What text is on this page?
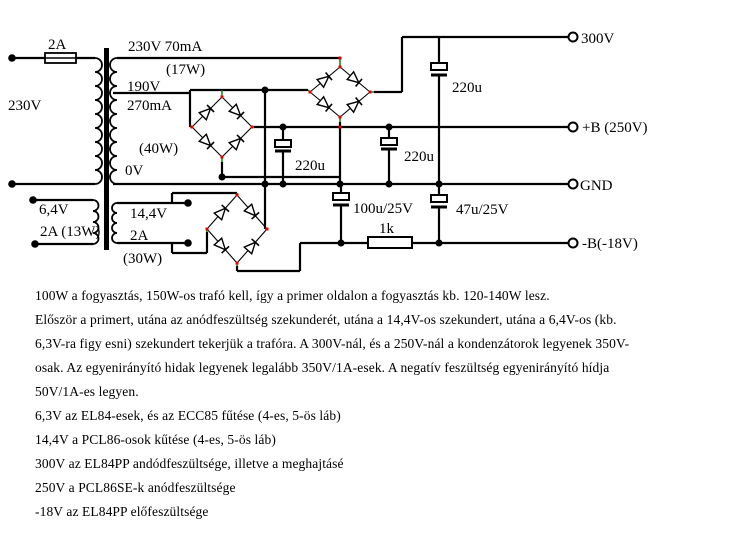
2A
230V
6,4V
2A (13W)
230V 70mA
(17W)
190V
270mA
(40W)
0V
14,4V
2A
(30W)
220u
220u
220u
100u/25V	47u/25V
1k
300V
+B (250V)
GND
-B(-18V)

100W a fogyasztás, 150W-os trafó kell, így a primer oldalon a fogyasztás kb. 120-140W lesz.

Először a primert, utána az anódfeszültség szekunderét, utána a 14,4V-os szekundert, utána a 6,4V-os (kb.

6,3V-ra figy esni) szekundert tekerjük a trafóra. A 300V-nál, és a 250V-nál a kondenzátorok legyenek 350V-

osak. Az egyenirányító hidak legyenek legalább 350V/1A-esek. A negatív feszültség egyenirányító hídja

50V/1A-es legyen.

6,3V az EL84-esek, és az ECC85 fűtése (4-es, 5-ös láb)

14,4V a PCL86-osok kűtése (4-es, 5-ös láb)

300V az EL84PP andódfeszültsége, illetve a meghajtásé

250V a PCL86SE-k anódfeszültsége

-18V az EL84PP előfeszültsége
